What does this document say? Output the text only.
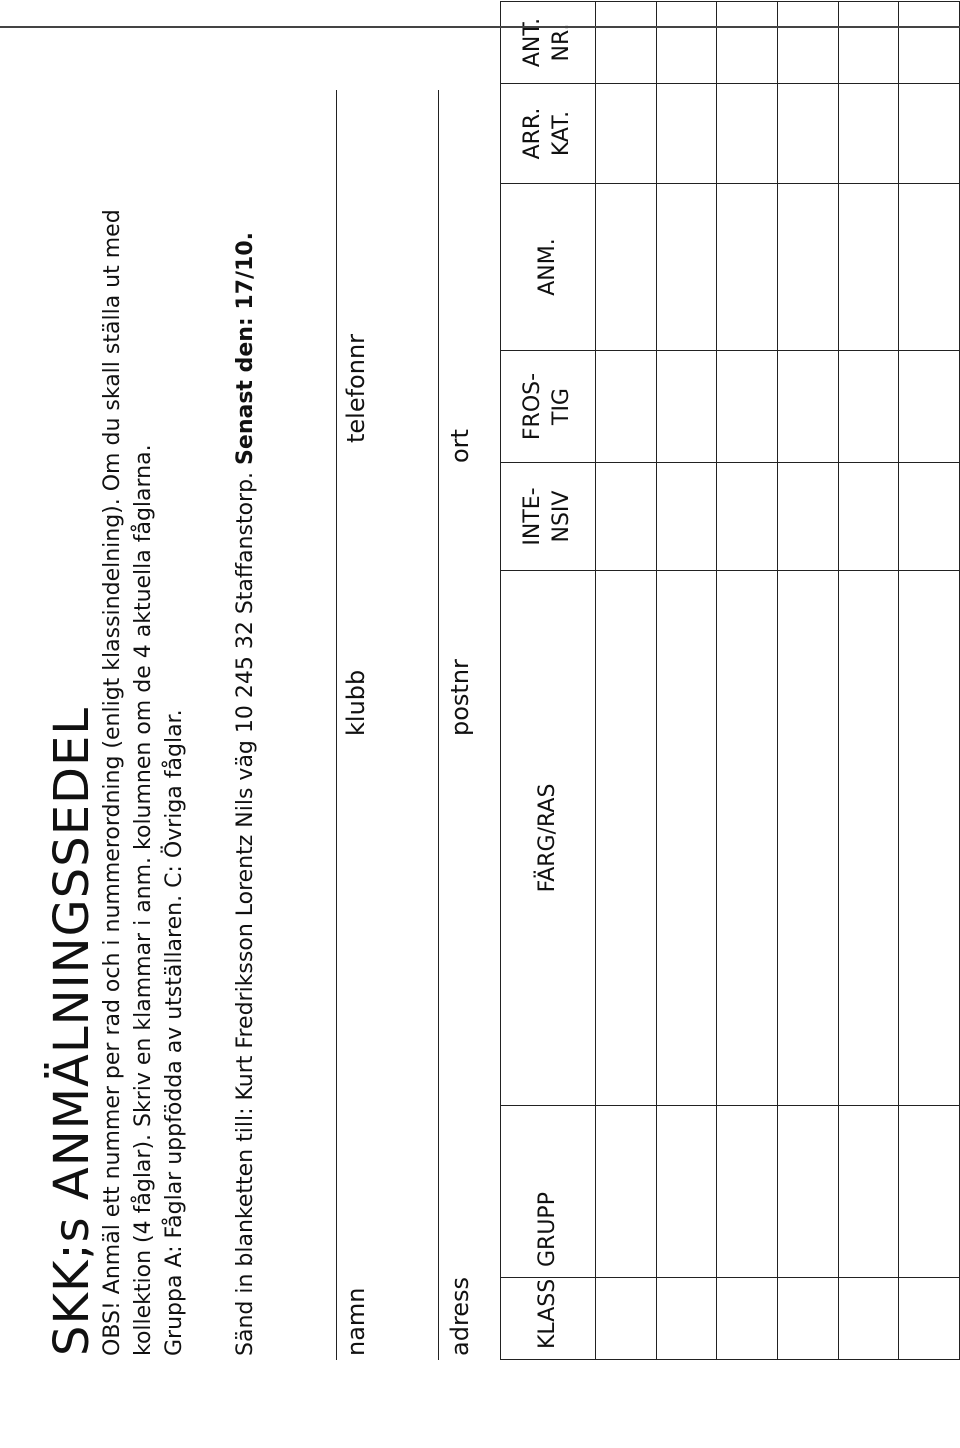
SKK;s ANMÄLNINGSSEDEL OBS! Anmäl ett nummer per rad och i nummerordning (enligt klassindelning). Om du skall ställa ut med kollektion (4 fåglar). Skriv en klammar i anm. kolumnen om de 4 aktuella fåglarna. Gruppa A: Fåglar uppfödda av utställaren. C: Övriga fåglar. Sänd in blanketten till: Kurt Fredriksson Lorentz Nils väg 10 245 32 Staffanstorp. Senast den: 17/10.
namn
klubb
telefonnr
adress
postnr
ort
KLASS	GRUPP	FÄRG/RAS	INTE- NSIV	FROS- TIG	ANM.	ARR. KAT.	ANT. NR.
